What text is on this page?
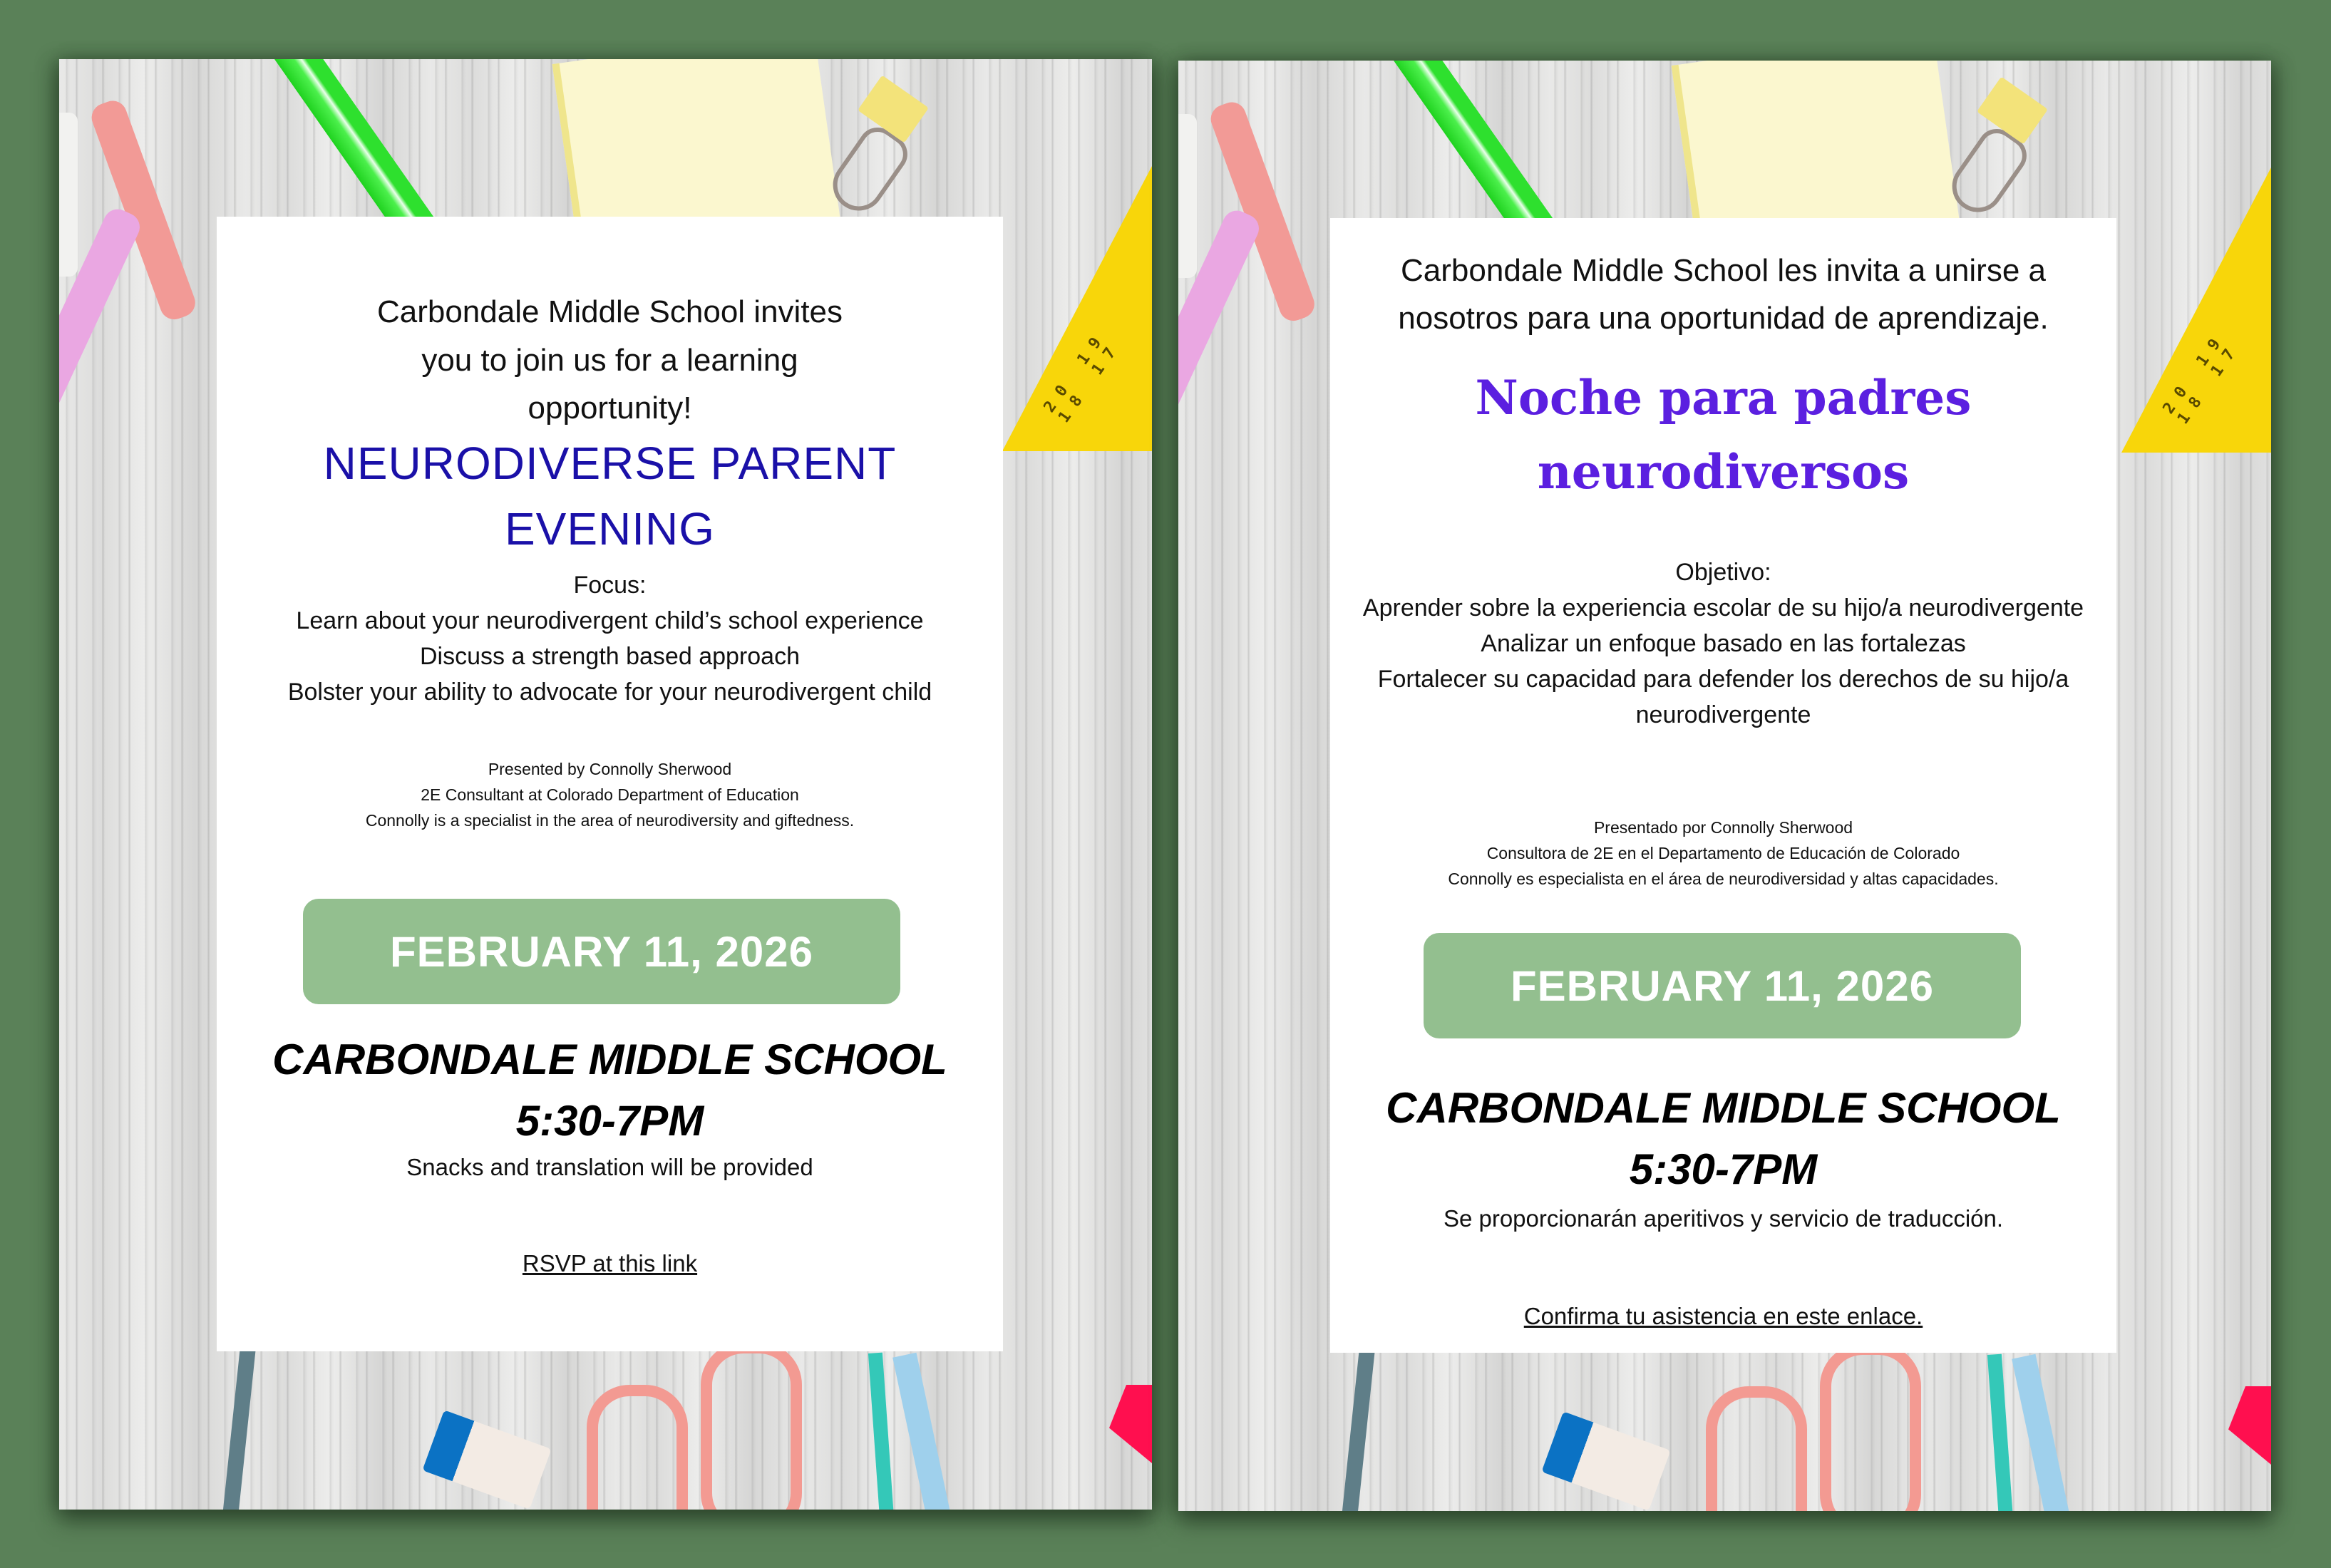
20 19 18 17
Carbondale Middle School invites
you to join us for a learning
opportunity!
NEURODIVERSE PARENT
EVENING
Focus:
Learn about your neurodivergent child’s school experience
Discuss a strength based approach
Bolster your ability to advocate for your neurodivergent child
Presented by Connolly Sherwood
2E Consultant at Colorado Department of Education
Connolly is a specialist in the area of neurodiversity and giftedness.
FEBRUARY 11, 2026
CARBONDALE MIDDLE SCHOOL
5:30-7PM
Snacks and translation will be provided
RSVP at this link
20 19 18 17
Carbondale Middle School les invita a unirse a
nosotros para una oportunidad de aprendizaje.
Noche para padres
neurodiversos
Objetivo:
Aprender sobre la experiencia escolar de su hijo/a neurodivergente
Analizar un enfoque basado en las fortalezas
Fortalecer su capacidad para defender los derechos de su hijo/a
neurodivergente
Presentado por Connolly Sherwood
Consultora de 2E en el Departamento de Educación de Colorado
Connolly es especialista en el área de neurodiversidad y altas capacidades.
FEBRUARY 11, 2026
CARBONDALE MIDDLE SCHOOL
5:30-7PM
Se proporcionarán aperitivos y servicio de traducción.
Confirma tu asistencia en este enlace.
